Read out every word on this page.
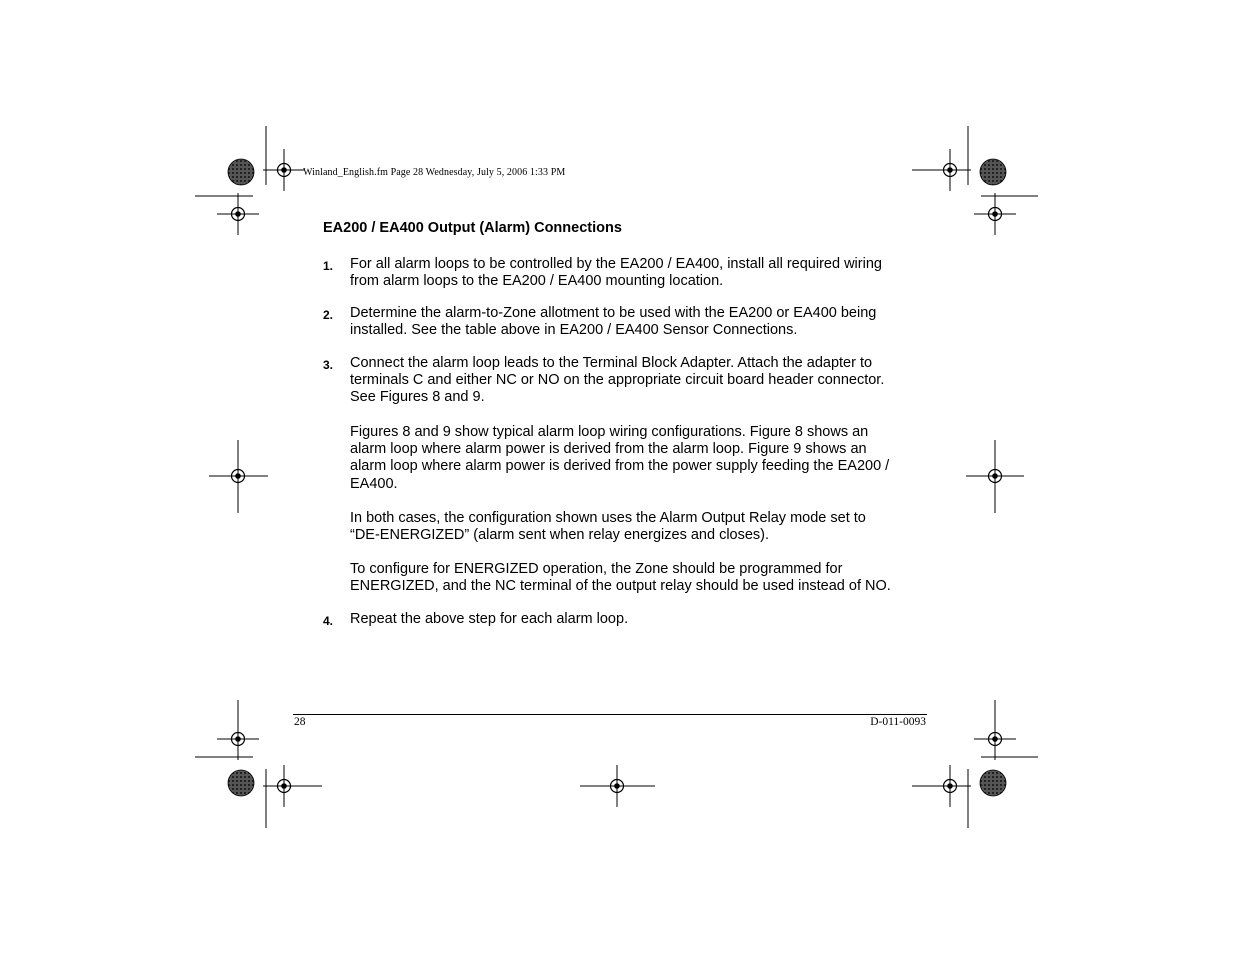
Winland_English.fm Page 28 Wednesday, July 5, 2006 1:33 PM
EA200 / EA400 Output (Alarm) Connections
1. For all alarm loops to be controlled by the EA200 / EA400, install all required wiring
from alarm loops to the EA200 / EA400 mounting location.
2. Determine the alarm-to-Zone allotment to be used with the EA200 or EA400 being
installed. See the table above in EA200 / EA400 Sensor Connections.
3. Connect the alarm loop leads to the Terminal Block Adapter. Attach the adapter to
terminals C and either NC or NO on the appropriate circuit board header connector.
See Figures 8 and 9.
Figures 8 and 9 show typical alarm loop wiring configurations. Figure 8 shows an
alarm loop where alarm power is derived from the alarm loop. Figure 9 shows an
alarm loop where alarm power is derived from the power supply feeding the EA200 /
EA400.
In both cases, the configuration shown uses the Alarm Output Relay mode set to
“DE-ENERGIZED” (alarm sent when relay energizes and closes).
To configure for ENERGIZED operation, the Zone should be programmed for
ENERGIZED, and the NC terminal of the output relay should be used instead of NO.
4. Repeat the above step for each alarm loop.
28	D-011-0093
